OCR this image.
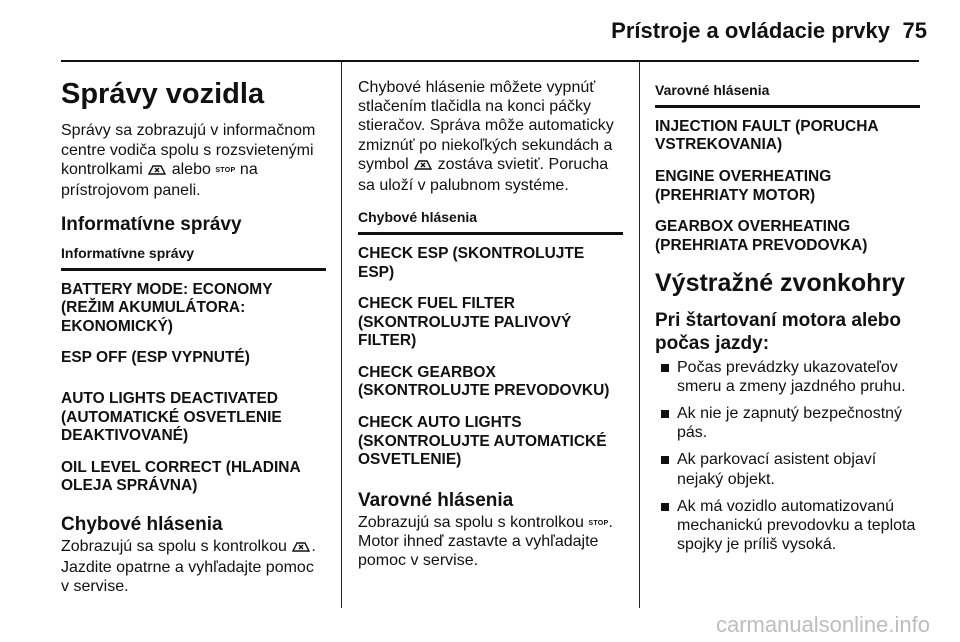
Prístroje a ovládacie prvky 75
Správy vozidla

Správy sa zobrazujú v informačnom centre vodiča spolu s rozsvietenými kontrolkami alebo STOP na prístrojovom paneli.

Informatívne správy
Informatívne správy
BATTERY MODE: ECONOMY (REŽIM AKUMULÁTORA: EKONOMICKÝ)
ESP OFF (ESP VYPNUTÉ)
AUTO LIGHTS DEACTIVATED (AUTOMATICKÉ OSVETLENIE DEAKTIVOVANÉ)
OIL LEVEL CORRECT (HLADINA OLEJA SPRÁVNA)
Chybové hlásenia

Zobrazujú sa spolu s kontrolkou . Jazdite opatrne a vyhľadajte pomoc v servise.

Chybové hlásenie môžete vypnúť stlačením tlačidla na konci páčky stieračov. Správa môže automaticky zmiznúť po niekoľkých sekundách a symbol zostáva svietiť. Porucha sa uloží v palubnom systéme.

Chybové hlásenia
CHECK ESP (SKONTROLUJTE ESP)
CHECK FUEL FILTER (SKONTROLUJTE PALIVOVÝ FILTER)
CHECK GEARBOX (SKONTROLUJTE PREVODOVKU)
CHECK AUTO LIGHTS (SKONTROLUJTE AUTOMATICKÉ OSVETLENIE)
Varovné hlásenia

Zobrazujú sa spolu s kontrolkou STOP. Motor ihneď zastavte a vyhľadajte pomoc v servise.

Varovné hlásenia
INJECTION FAULT (PORUCHA VSTREKOVANIA)
ENGINE OVERHEATING (PREHRIATY MOTOR)
GEARBOX OVERHEATING (PREHRIATA PREVODOVKA)
Výstražné zvonkohry
Pri štartovaní motora alebo počas jazdy:
Počas prevádzky ukazovateľov smeru a zmeny jazdného pruhu.
Ak nie je zapnutý bezpečnostný pás.
Ak parkovací asistent objaví nejaký objekt.
Ak má vozidlo automatizovanú mechanickú prevodovku a teplota spojky je príliš vysoká.
carmanualsonline.info
